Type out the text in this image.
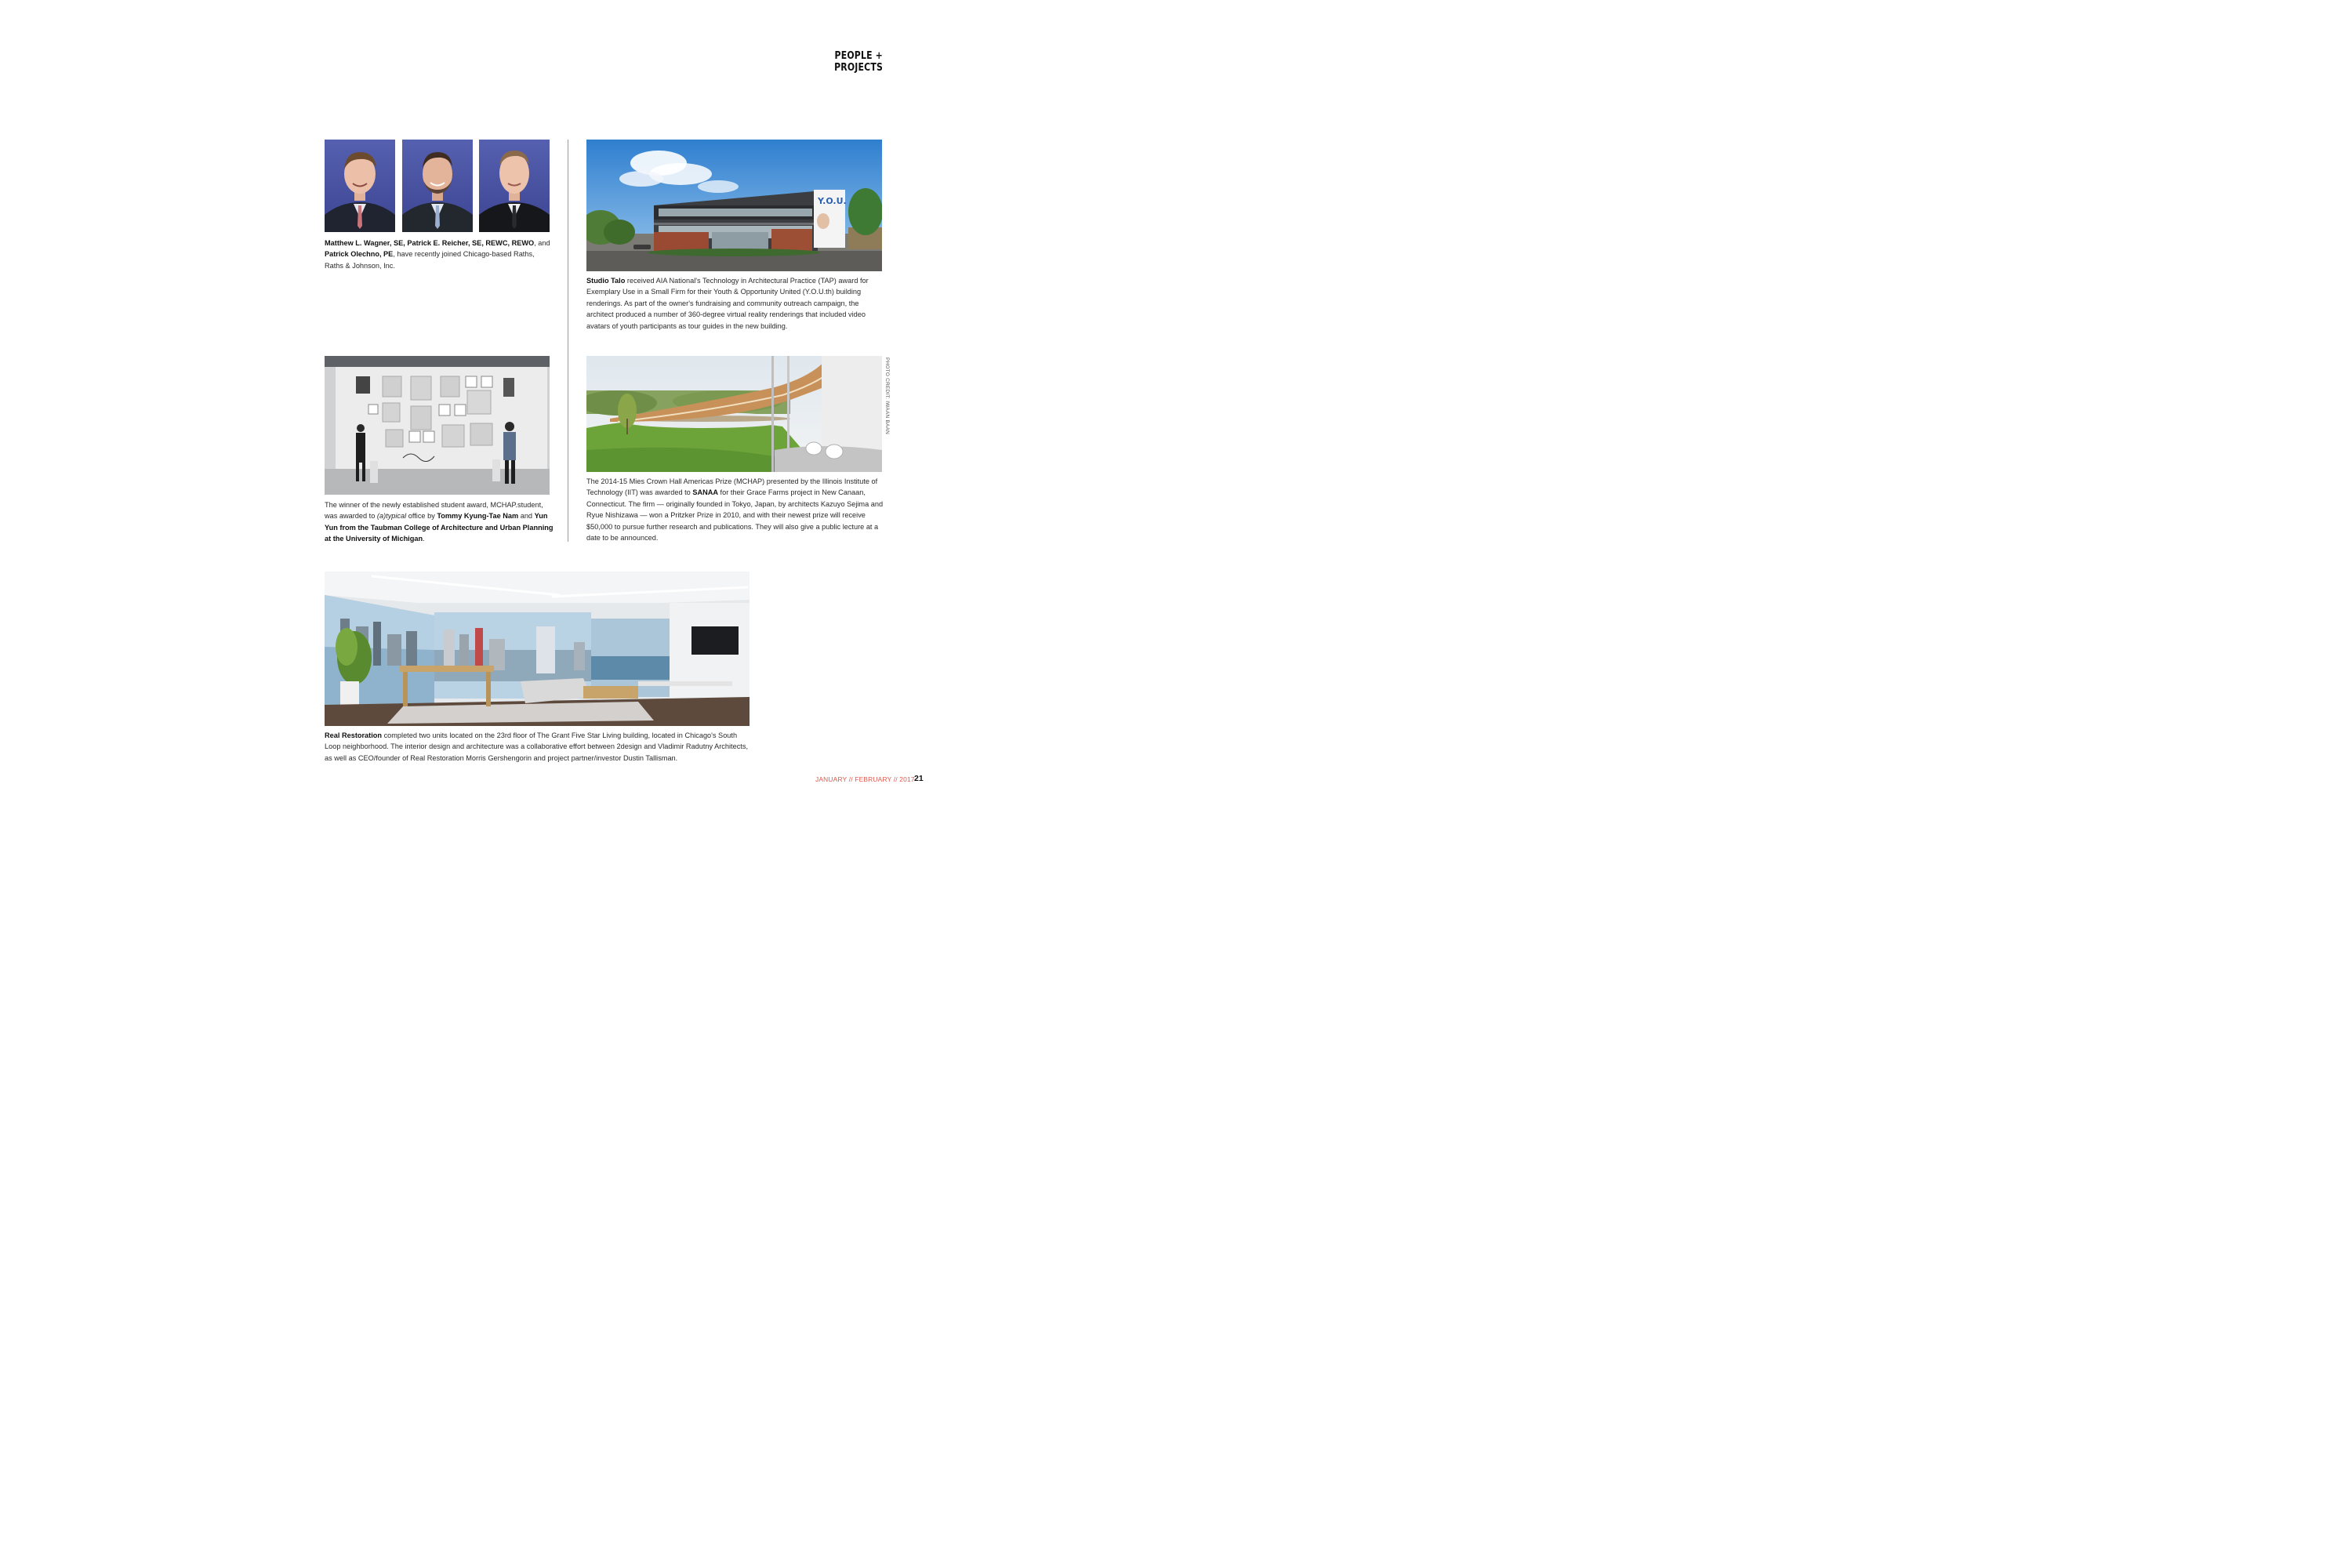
PEOPLE + PROJECTS
Matthew L. Wagner, SE, Patrick E. Reicher, SE, REWC, REWO, and Patrick Olechno, PE, have recently joined Chicago-based Raths, Raths & Johnson, Inc.
Y.O.U.
Studio Talo received AIA National's Technology in Architectural Practice (TAP) award for Exemplary Use in a Small Firm for their Youth & Opportunity United (Y.O.U.th) building renderings. As part of the owner's fundraising and community outreach campaign, the architect produced a number of 360-degree virtual reality renderings that included video avatars of youth participants as tour guides in the new building.
The winner of the newly established student award, MCHAP.student, was awarded to (a)typical office by Tommy Kyung-Tae Nam and Yun Yun from the Taubman College of Architecture and Urban Planning at the University of Michigan.
PHOTO CREDIT: IWAAN BAAN
The 2014-15 Mies Crown Hall Americas Prize (MCHAP) presented by the Illinois Institute of Technology (IIT) was awarded to SANAA for their Grace Farms project in New Canaan, Connecticut. The firm — originally founded in Tokyo, Japan, by architects Kazuyo Sejima and Ryue Nishizawa — won a Pritzker Prize in 2010, and with their newest prize will receive $50,000 to pursue further research and publications. They will also give a public lecture at a date to be announced.
Real Restoration completed two units located on the 23rd floor of The Grant Five Star Living building, located in Chicago's South Loop neighborhood. The interior design and architecture was a collaborative effort between 2design and Vladimir Radutny Architects, as well as CEO/founder of Real Restoration Morris Gershengorin and project partner/investor Dustin Tallisman.
JANUARY // FEBRUARY // 2017 21
